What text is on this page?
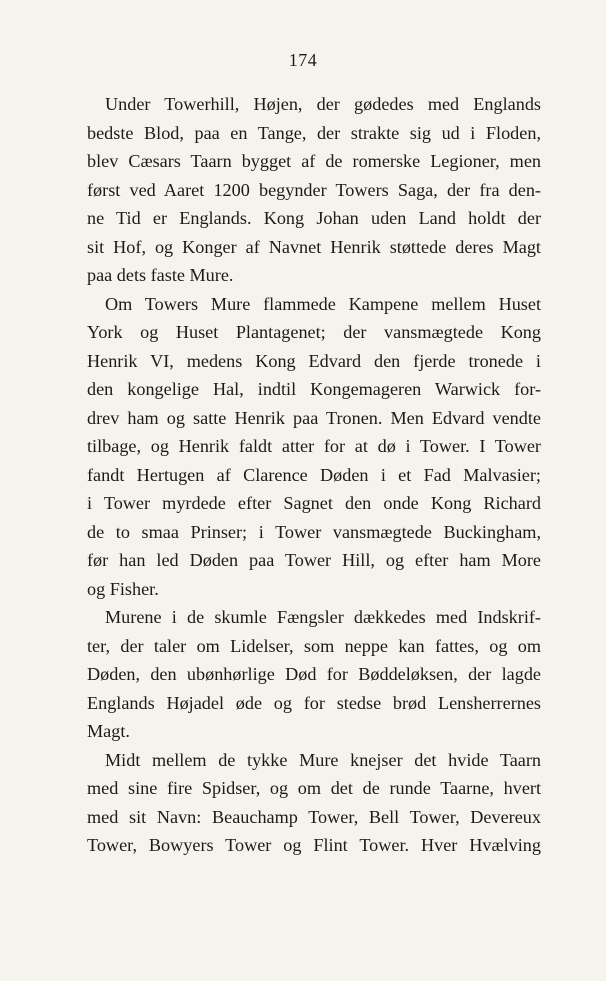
174
Under Towerhill, Højen, der gødedes med Englands
bedste Blod, paa en Tange, der strakte sig ud i Floden,
blev Cæsars Taarn bygget af de romerske Legioner, men
først ved Aaret 1200 begynder Towers Saga, der fra den-
ne Tid er Englands. Kong Johan uden Land holdt der
sit Hof, og Konger af Navnet Henrik støttede deres Magt
paa dets faste Mure.
Om Towers Mure flammede Kampene mellem Huset
York og Huset Plantagenet; der vansmægtede Kong
Henrik VI, medens Kong Edvard den fjerde tronede i
den kongelige Hal, indtil Kongemageren Warwick for-
drev ham og satte Henrik paa Tronen. Men Edvard vendte
tilbage, og Henrik faldt atter for at dø i Tower. I Tower
fandt Hertugen af Clarence Døden i et Fad Malvasier;
i Tower myrdede efter Sagnet den onde Kong Richard
de to smaa Prinser; i Tower vansmægtede Buckingham,
før han led Døden paa Tower Hill, og efter ham More
og Fisher.
Murene i de skumle Fængsler dækkedes med Indskrif-
ter, der taler om Lidelser, som neppe kan fattes, og om
Døden, den ubønhørlige Død for Bøddeløksen, der lagde
Englands Højadel øde og for stedse brød Lensherrernes
Magt.
Midt mellem de tykke Mure knejser det hvide Taarn
med sine fire Spidser, og om det de runde Taarne, hvert
med sit Navn: Beauchamp Tower, Bell Tower, Devereux
Tower, Bowyers Tower og Flint Tower. Hver Hvælving
